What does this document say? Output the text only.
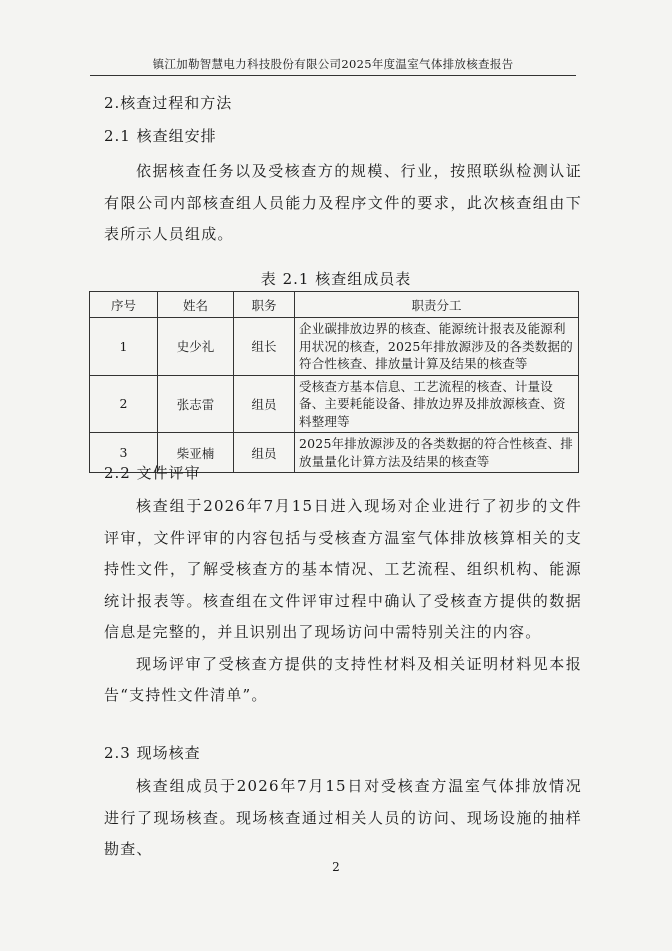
镇江加勒智慧电力科技股份有限公司2025年度温室气体排放核查报告
2.核查过程和方法
2.1 核查组安排

依据核查任务以及受核查方的规模、行业，按照联纵检测认证有限公司内部核查组人员能力及程序文件的要求，此次核查组由下表所示人员组成。

表 2.1 核查组成员表
序号	姓名	职务	职责分工
1	史少礼	组长	企业碳排放边界的核查、能源统计报表及能源利用状况的核查，2025年排放源涉及的各类数据的符合性核查、排放量计算及结果的核查等
2	张志雷	组员	受核查方基本信息、工艺流程的核查、计量设备、主要耗能设备、排放边界及排放源核查、资料整理等
3	柴亚楠	组员	2025年排放源涉及的各类数据的符合性核查、排放量量化计算方法及结果的核查等
2.2 文件评审

核查组于2026年7月15日进入现场对企业进行了初步的文件评审，文件评审的内容包括与受核查方温室气体排放核算相关的支持性文件，了解受核查方的基本情况、工艺流程、组织机构、能源统计报表等。核查组在文件评审过程中确认了受核查方提供的数据信息是完整的，并且识别出了现场访问中需特别关注的内容。

现场评审了受核查方提供的支持性材料及相关证明材料见本报告“支持性文件清单”。

2.3 现场核查

核查组成员于2026年7月15日对受核查方温室气体排放情况进行了现场核查。现场核查通过相关人员的访问、现场设施的抽样勘查、

2
